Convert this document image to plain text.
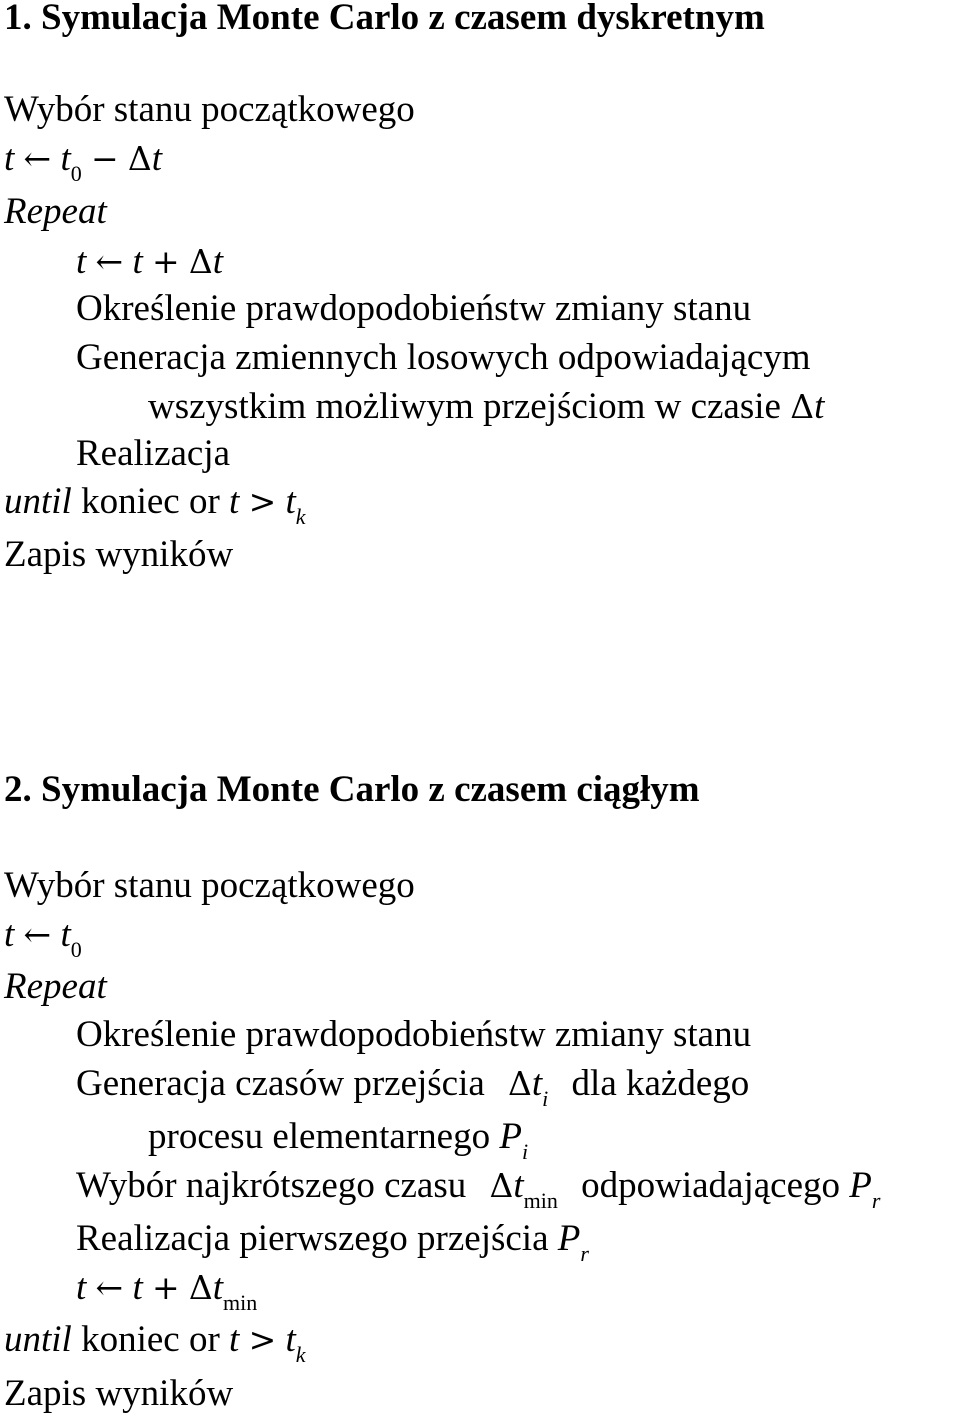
1. Symulacja Monte Carlo z czasem dyskretnym
Wybór stanu początkowego
t ← $t_0 - \Delta t$
Repeat
t ← t + Δt
Określenie prawdopodobieństw zmiany stanu
Generacja zmiennych losowych odpowiadającym
wszystkim możliwym przejściom w czasie Δt
Realizacja
until koniec or $t > t_k$
Zapis wyników
2. Symulacja Monte Carlo z czasem ciągłym
Wybór stanu początkowego
t ← $t_0$
Repeat
Określenie prawdopodobieństw zmiany stanu
Generacja czasów przejścia $\Delta t_i$ dla każdego
procesu elementarnego $P_i$
Wybór najkrótszego czasu $\Delta t_{min}$ odpowiadającego $P_r$
Realizacja pierwszego przejścia $P_r$
t ← $t + \Delta t_{min}$
until koniec or $t > t_k$
Zapis wyników
